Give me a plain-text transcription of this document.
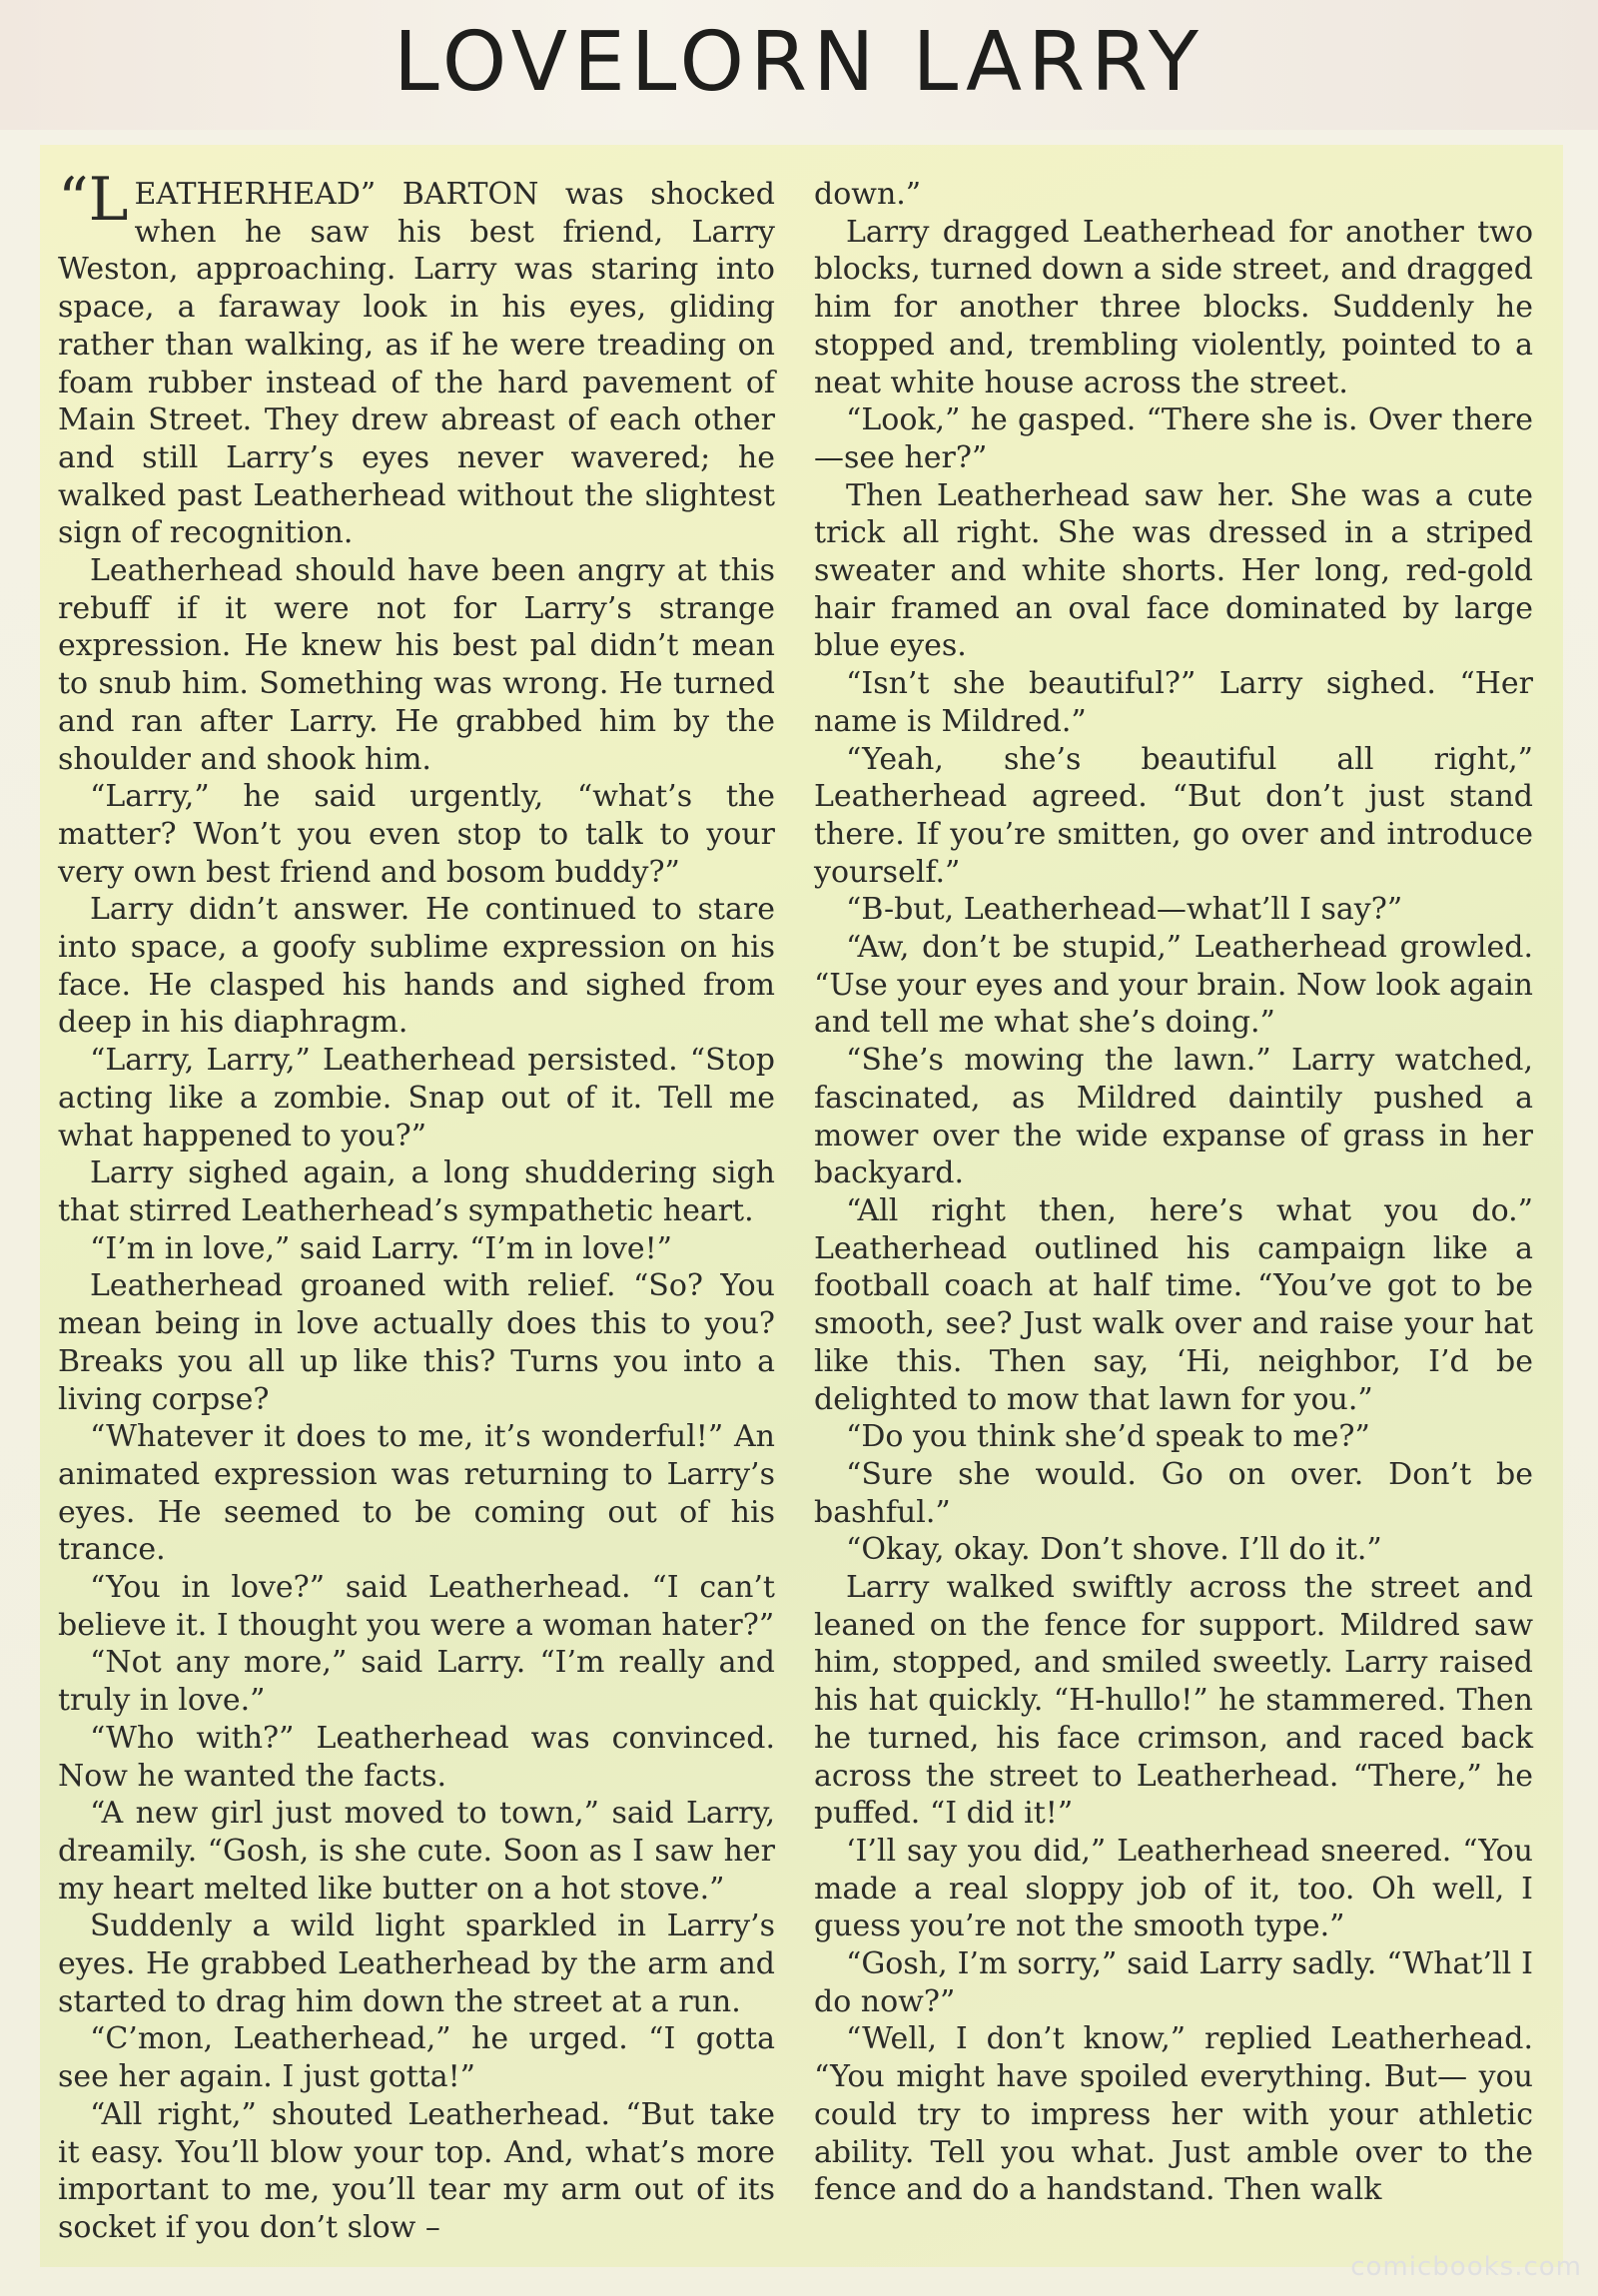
LOVELORN LARRY

“LEATHERHEAD” BARTON was shocked when he saw his best friend, Larry Weston, approaching. Larry was staring into space, a faraway look in his eyes, gliding rather than walking, as if he were treading on foam rubber instead of the hard pavement of Main Street. They drew abreast of each other and still Larry’s eyes never wavered; he walked past Leatherhead without the slightest sign of recognition.

Leatherhead should have been angry at this rebuff if it were not for Larry’s strange expression. He knew his best pal didn’t mean to snub him. Something was wrong. He turned and ran after Larry. He grabbed him by the shoulder and shook him.

“Larry,” he said urgently, “what’s the matter? Won’t you even stop to talk to your very own best friend and bosom buddy?”

Larry didn’t answer. He continued to stare into space, a goofy sublime expression on his face. He clasped his hands and sighed from deep in his diaphragm.

“Larry, Larry,” Leatherhead persisted. “Stop acting like a zombie. Snap out of it. Tell me what happened to you?”

Larry sighed again, a long shuddering sigh that stirred Leatherhead’s sympathetic heart.

“I’m in love,” said Larry. “I’m in love!”

Leatherhead groaned with relief. “So? You mean being in love actually does this to you? Breaks you all up like this? Turns you into a living corpse?

“Whatever it does to me, it’s wonderful!” An animated expression was returning to Larry’s eyes. He seemed to be coming out of his trance.

“You in love?” said Leatherhead. “I can’t believe it. I thought you were a woman hater?”

“Not any more,” said Larry. “I’m really and truly in love.”

“Who with?” Leatherhead was convinced. Now he wanted the facts.

“A new girl just moved to town,” said Larry, dreamily. “Gosh, is she cute. Soon as I saw her my heart melted like butter on a hot stove.”

Suddenly a wild light sparkled in Larry’s eyes. He grabbed Leatherhead by the arm and started to drag him down the street at a run.

“C’mon, Leatherhead,” he urged. “I gotta see her again. I just gotta!”

“All right,” shouted Leatherhead. “But take it easy. You’ll blow your top. And, what’s more important to me, you’ll tear my arm out of its socket if you don’t slow –

down.”

Larry dragged Leatherhead for another two blocks, turned down a side street, and dragged him for another three blocks. Suddenly he stopped and, trembling violently, pointed to a neat white house across the street.

“Look,” he gasped. “There she is. Over there—see her?”

Then Leatherhead saw her. She was a cute trick all right. She was dressed in a striped sweater and white shorts. Her long, red-gold hair framed an oval face dominated by large blue eyes.

“Isn’t she beautiful?” Larry sighed. “Her name is Mildred.”

“Yeah, she’s beautiful all right,” Leatherhead agreed. “But don’t just stand there. If you’re smitten, go over and introduce yourself.”

“B-but, Leatherhead—what’ll I say?”

“Aw, don’t be stupid,” Leatherhead growled. “Use your eyes and your brain. Now look again and tell me what she’s doing.”

“She’s mowing the lawn.” Larry watched, fascinated, as Mildred daintily pushed a mower over the wide expanse of grass in her backyard.

“All right then, here’s what you do.” Leatherhead outlined his campaign like a football coach at half time. “You’ve got to be smooth, see? Just walk over and raise your hat like this. Then say, ‘Hi, neighbor, I’d be delighted to mow that lawn for you.”

“Do you think she’d speak to me?”

“Sure she would. Go on over. Don’t be bashful.”

“Okay, okay. Don’t shove. I’ll do it.”

Larry walked swiftly across the street and leaned on the fence for support. Mildred saw him, stopped, and smiled sweetly. Larry raised his hat quickly. “H-hullo!” he stammered. Then he turned, his face crimson, and raced back across the street to Leatherhead. “There,” he puffed. “I did it!”

‘I’ll say you did,” Leatherhead sneered. “You made a real sloppy job of it, too. Oh well, I guess you’re not the smooth type.”

“Gosh, I’m sorry,” said Larry sadly. “What’ll I do now?”

“Well, I don’t know,” replied Leatherhead. “You might have spoiled everything. But— you could try to impress her with your athletic ability. Tell you what. Just amble over to the fence and do a handstand. Then walk

comicbooks.com
